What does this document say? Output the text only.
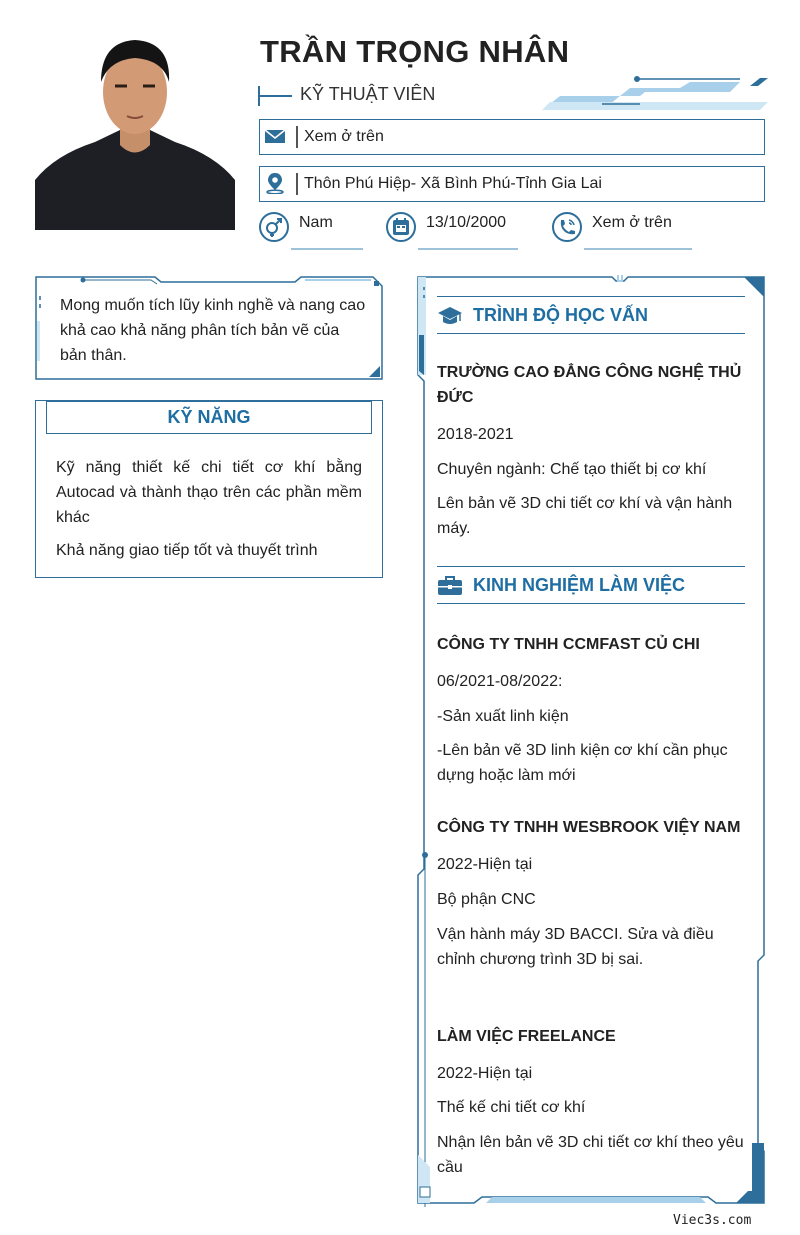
TRẦN TRỌNG NHÂN
KỸ THUẬT VIÊN
Xem ở trên
Thôn Phú Hiệp- Xã Bình Phú-Tỉnh Gia Lai
Nam	13/10/2000	Xem ở trên
Mong muốn tích lũy kinh nghề và nang cao khả cao khả năng phân tích bản vẽ của bản thân.
KỸ NĂNG
Kỹ năng thiết kế chi tiết cơ khí bằng Autocad và thành thạo trên các phần mềm khác
Khả năng giao tiếp tốt và thuyết trình
TRÌNH ĐỘ HỌC VẤN
TRƯỜNG CAO ĐẲNG CÔNG NGHỆ THỦ ĐỨC
2018-2021
Chuyên ngành: Chế tạo thiết bị cơ khí
Lên bản vẽ 3D chi tiết cơ khí và vận hành máy.
KINH NGHIỆM LÀM VIỆC
CÔNG TY TNHH CCMFAST CỦ CHI
06/2021-08/2022:
-Sản xuất linh kiện
-Lên bản vẽ 3D linh kiện cơ khí cần phục dựng hoặc làm mới
CÔNG TY TNHH WESBROOK VIỆY NAM
2022-Hiện tại
Bộ phận CNC
Vận hành máy 3D BACCI. Sửa và điều chỉnh chương trình 3D bị sai.
LÀM VIỆC FREELANCE
2022-Hiện tại
Thế kế chi tiết cơ khí
Nhận lên bản vẽ 3D chi tiết cơ khí theo yêu cầu
Viec3s.com
